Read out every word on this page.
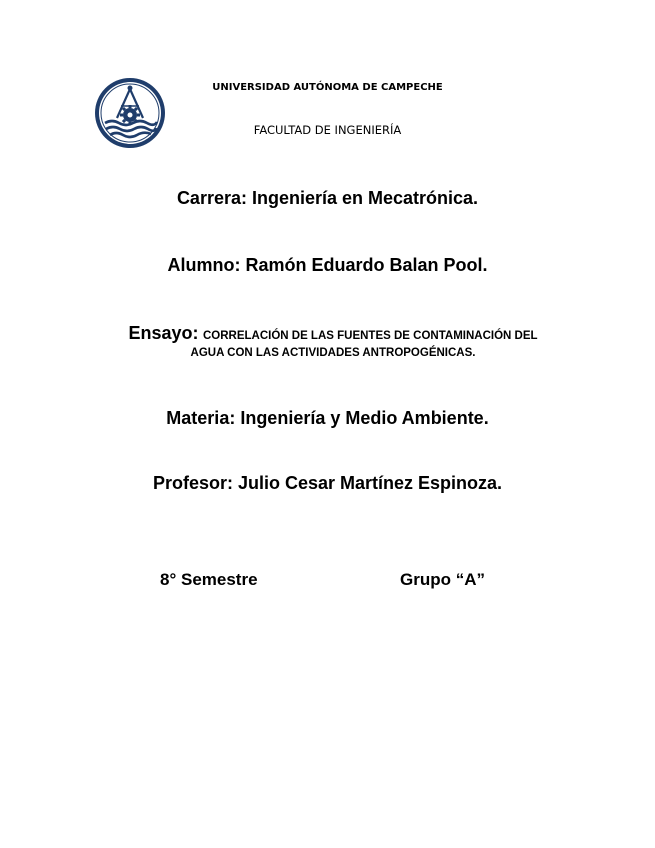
UNIVERSIDAD AUTÓNOMA DE CAMPECHE
FACULTAD DE INGENIERÍA
Carrera: Ingeniería en Mecatrónica.
Alumno: Ramón Eduardo Balan Pool.
Ensayo: CORRELACIÓN DE LAS FUENTES DE CONTAMINACIÓN DEL
AGUA CON LAS ACTIVIDADES ANTROPOGÉNICAS.
Materia: Ingeniería y Medio Ambiente.
Profesor: Julio Cesar Martínez Espinoza.
8° Semestre	Grupo “A”
